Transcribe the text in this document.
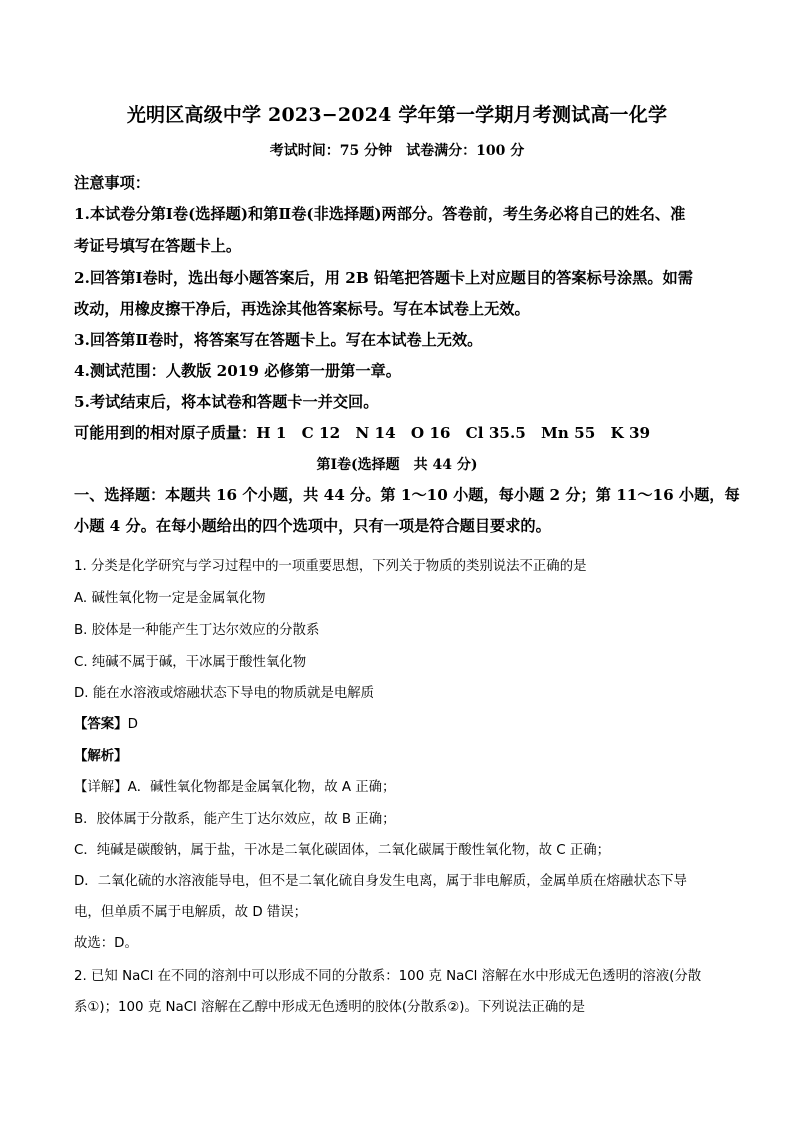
光明区高级中学 2023−2024 学年第一学期月考测试高一化学
考试时间：75 分钟　试卷满分：100 分
注意事项：
1.本试卷分第Ⅰ卷(选择题)和第Ⅱ卷(非选择题)两部分。答卷前，考生务必将自己的姓名、准
考证号填写在答题卡上。
2.回答第Ⅰ卷时，选出每小题答案后，用 2B 铅笔把答题卡上对应题目的答案标号涂黑。如需
改动，用橡皮擦干净后，再选涂其他答案标号。写在本试卷上无效。
3.回答第Ⅱ卷时，将答案写在答题卡上。写在本试卷上无效。
4.测试范围：人教版 2019 必修第一册第一章。
5.考试结束后，将本试卷和答题卡一并交回。
可能用到的相对原子质量：H 1　C 12　N 14　O 16　Cl 35.5　Mn 55　K 39
第Ⅰ卷(选择题　共 44 分)
一、选择题：本题共 16 个小题，共 44 分。第 1～10 小题，每小题 2 分；第 11～16 小题，每
小题 4 分。在每小题给出的四个选项中，只有一项是符合题目要求的。
1. 分类是化学研究与学习过程中的一项重要思想，下列关于物质的类别说法不正确的是
A. 碱性氧化物一定是金属氧化物
B. 胶体是一种能产生丁达尔效应的分散系
C. 纯碱不属于碱，干冰属于酸性氧化物
D. 能在水溶液或熔融状态下导电的物质就是电解质
【答案】D
【解析】
【详解】A．碱性氧化物都是金属氧化物，故 A 正确；
B．胶体属于分散系，能产生丁达尔效应，故 B 正确；
C．纯碱是碳酸钠，属于盐，干冰是二氧化碳固体，二氧化碳属于酸性氧化物，故 C 正确；
D．二氧化硫的水溶液能导电，但不是二氧化硫自身发生电离，属于非电解质，金属单质在熔融状态下导
电，但单质不属于电解质，故 D 错误；
故选：D。
2. 已知 NaCl 在不同的溶剂中可以形成不同的分散系：100 克 NaCl 溶解在水中形成无色透明的溶液(分散
系①)；100 克 NaCl 溶解在乙醇中形成无色透明的胶体(分散系②)。下列说法正确的是
